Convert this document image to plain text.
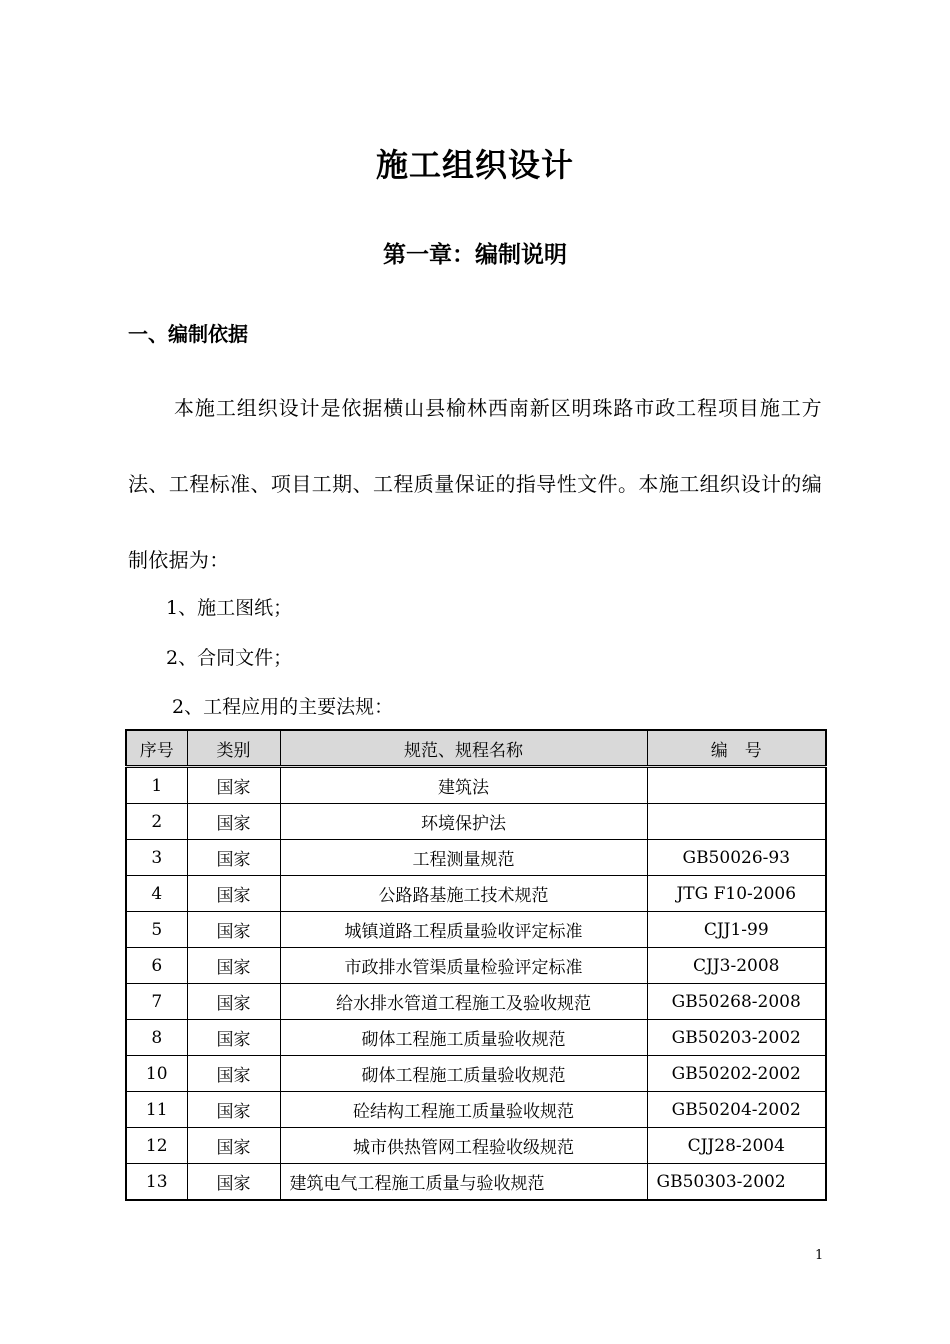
施工组织设计
第一章：编制说明
一、编制依据
本施工组织设计是依据横山县榆林西南新区明珠路市政工程项目施工方法、工程标准、项目工期、工程质量保证的指导性文件。本施工组织设计的编制依据为：
1、施工图纸；
2、合同文件；
2、工程应用的主要法规：
序号	类别	规范、规程名称	编　号
1	国家	建筑法	
2	国家	环境保护法	
3	国家	工程测量规范	GB50026-93
4	国家	公路路基施工技术规范	JTG F10-2006
5	国家	城镇道路工程质量验收评定标准	CJJ1-99
6	国家	市政排水管渠质量检验评定标准	CJJ3-2008
7	国家	给水排水管道工程施工及验收规范	GB50268-2008
8	国家	砌体工程施工质量验收规范	GB50203-2002
10	国家	砌体工程施工质量验收规范	GB50202-2002
11	国家	砼结构工程施工质量验收规范	GB50204-2002
12	国家	城市供热管网工程验收级规范	CJJ28-2004
13	国家	建筑电气工程施工质量与验收规范	GB50303-2002
1
